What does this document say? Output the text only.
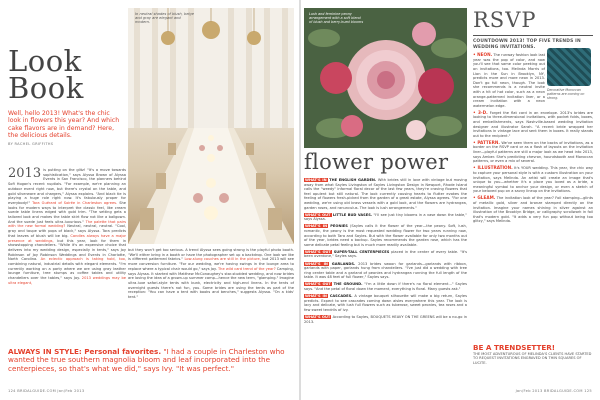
Look Book
Well, hello 2013! What's the chic look in flowers this year? And which cake flavors are in demand? Here, the delicious details.
BY RACHEL GRIFFITHS

2013 is putting on the glitz! "It's a move towards sophistication," says Alyssa Brown of Alyssa Events in San Francisco, the planners behind Sofi Hogan's recent nuptials. "For example, we're planning an outdoor event right now, but there's crystal on the table, and gold silverware and chargers," Alyssa explains. "And black tie is playing a huge role right now. It's fabulously proper for everybody!" Tara Guérard of Soirée in Charleston agrees. She looks for modern ways to interpret the classic feel, like cream suede table linens edged with gold trim. "The setting gets a tailored look and makes the table skirt flow not like a ballgown. And the suede just feels ultra-luxurious." The palette that pairs with the new formal wedding? Neutral, neutral, neutral. "Cool, gray and taupe with pops of black," says Alyssa. Tara predicts that leaves of blush will be big. Candles always have a major presence at weddings, but this year, look for them in showstopping chandeliers. "While it's an expensive choice that delivers into my wedding design, especially in tents," says Joy Robinson of Joy Robinson Weddings and Events in Charlotte, North Carolina. An eclectic approach is taking hold, too, combining natural, industrial details with elegant elements. "I'm currently working on a party where we are using gray leather lounge furniture, tree stumps as coffee tables and utility chandeliers over the tables," says Joy. 2013 weddings may be ultra elegant,

In neutral shades of blush, beige and gray are elegant and modern.
but they won't get too serious. A trend Alyssa sees going strong is the playful photo booth. "We'll either bring in a booth or have the photographer set up a backdrop. One look we like is different patterned fabrics." Low-slung couches are still in the picture, but 2013 will see more conversion furniture. "For our wedding, we're having swings in the lounge area to replace where a typical chair would go," says Joy. The wild card trend of the year? Camping, says Alyssa. It started with Matthew McConaughey's star-studded wedding, and now brides are loving the idea of a grown-up summer camp—hence the new term, "glamping." Imagine ultra-luxe safari-style tents with bunk, electricity and high-end linens. In the tents of overnight guests there's not fun, you. Some brides are using the tents as part of the reception: "You can have a tent with books and benches," suggests Alyssa. "On a kids' tent."
ALWAYS IN STYLE: Personal favorites. "I had a couple in Charleston who wanted the true southern magnolia bloom and leaf incorporated into the centerpieces, so that's what we did," says Ivy. "It was perfect."
124 BRIDALGUIDE.COM Jan/Feb 2013
Lush and feminine peony arrangement with a soft blend of blush and berry-hued blooms
flower power

WHAT'S IN THE ENGLISH GARDEN. With brides still in love with vintage but moving away from what Sayles Livingston of Sayles Livingston Design in Newport, Rhode Island calls the "weedy" informal floral decor of the last few years, they're craving flowers that feel opulent but still natural. The look currently causing hearts to flutter evokes the feeling of flowers fresh-picked from the garden of a great estate, Alyssa agrees. "For one wedding, we're using old brass vessels with a gold look, and the flowers are hydrangea, garden roses, and ranunculus. The look is lush arrangements."

WHAT'S OUT LITTLE BUD VASES. "I'll see just tiny blooms in a vase down the table," says Alyssa.

WHAT'S IN PEONIES (Sayles calls it the flower of the year—the peony. Soft, lush, romantic, the peony is the most requested wedding flower for two years running now, according to both Tara and Sayles. But with the flower available for only two months out of the year, brides need a backup. Sayles recommends the garden rose, which has the same delicate petal feeling but is much more readily available.

WHAT'S OUT SUPER-TALL CENTERPIECES placed in the center of every table. "It's been overdone," Sayles says.

WHAT'S IN GARLANDS. 2013 brides swoon for garlands—garlands with ribbon, garlands with paper, garlands hung from chandeliers. "I've just did a wedding with tree ring center table and a garland of peonies and hydrangea running the full length of the table. It was 48 feet of full flower," Sayles says.

WHAT'S OUT THE GROUND. "I'm a little down if there's no floral element..." Sayles says. "And the petal of floral down the moment, everything is floral. Many guests ask."

WHAT'S IN CASCADES. A vintage bouquet silhouette will make a big return, Sayles predicts. Expect to see cascades coming down aisles everywhere this year. The look is lacy and delicate, with lush full flowers such as tuberose, sweet peonies, tea roses and a few sweet tendrils of ivy.

WHAT'S OUT According to Sayles, BOUQUETS HEAVY ON THE GREENS will be a no-go in 2013.

RSVP
COUNTDOWN 2013! TOP FIVE TRENDS IN WEDDING INVITATIONS.

• NEON. The runway fashion look last year was the pop of color, and now you'll see that same color peeking out on invitations, too. Melinda Morris of Lion in the Sun in Brooklyn, NY, predicts more and more neon in 2013. Don't go full neon, though. The look she recommends is a neutral invite with a hit of hot color, such as a neon orange-patterned invitation liner, or a cream invitation with a neon watermelon edge.

• 3-D. Forget the flat card in an envelope. 2013's brides are looking to three-dimensional invitations, with pocket folds, boxes, and embellishments, says Nashville-based wedding invitation designer and illustrator Sarah. "A recent bride wrapped her invitations in vintage lace and sent them in boxes. It really stands out to the recipient."

• PATTERN. We've seen them on the backs of invitations, as a border on the RSVP card or as a flash of layouts on the invitation liner—playful patterns are still a major look as we head into 2013, says Amber. She's predicting chevron, houndstooth and Moroccan patterns, or even a mix of several.

• ILLUSTRATION. It's YOUR wedding. This year, the chic way to capture your personal style is with a custom illustration on your invitation, says Melinda. An artist will create an image that's unique to you—whether it's a place you loved as a bride, a meaningful symbol to anchor your design, or even a sketch of your beloved pup on a savvy lineup on the invitations.

• GLEAM. The invitation look of the year? Foil stamping—glints of metallic gold, silver and bronze stamped directly on the invitation. Imagine your names shining in silver against an illustration of the Brooklyn Bridge, or calligraphy scrollwork in foil that's modern gold. "It adds a very fun pop without being too glitzy," says Melinda.

Decorative Moroccan patterns are coming on strong.
BE A TRENDSETTER!
THE MOST ADVENTUROUS OF MELINDA'S CLIENTS HAVE STARTED TO REQUEST INVITATIONS ENGRAVED ON THIN SQUARES OF LUCITE.
Jan/Feb 2013 BRIDALGUIDE.COM 125
